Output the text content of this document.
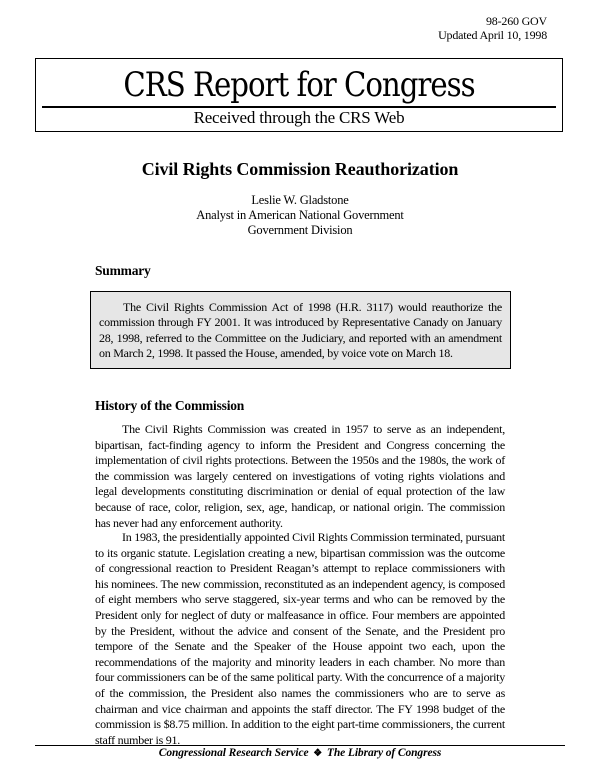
98-260 GOV
Updated April 10, 1998
CRS Report for Congress
Received through the CRS Web
Civil Rights Commission Reauthorization
Leslie W. Gladstone
Analyst in American National Government
Government Division
Summary

The Civil Rights Commission Act of 1998 (H.R. 3117) would reauthorize the commission through FY 2001. It was introduced by Representative Canady on January 28, 1998, referred to the Committee on the Judiciary, and reported with an amendment on March 2, 1998. It passed the House, amended, by voice vote on March 18.

History of the Commission

The Civil Rights Commission was created in 1957 to serve as an independent, bipartisan, fact-finding agency to inform the President and Congress concerning the implementation of civil rights protections. Between the 1950s and the 1980s, the work of the commission was largely centered on investigations of voting rights violations and legal developments constituting discrimination or denial of equal protection of the law because of race, color, religion, sex, age, handicap, or national origin. The commission has never had any enforcement authority.

In 1983, the presidentially appointed Civil Rights Commission terminated, pursuant to its organic statute. Legislation creating a new, bipartisan commission was the outcome of congressional reaction to President Reagan’s attempt to replace commissioners with his nominees. The new commission, reconstituted as an independent agency, is composed of eight members who serve staggered, six-year terms and who can be removed by the President only for neglect of duty or malfeasance in office. Four members are appointed by the President, without the advice and consent of the Senate, and the President pro tempore of the Senate and the Speaker of the House appoint two each, upon the recommendations of the majority and minority leaders in each chamber. No more than four commissioners can be of the same political party. With the concurrence of a majority of the commission, the President also names the commissioners who are to serve as chairman and vice chairman and appoints the staff director. The FY 1998 budget of the commission is $8.75 million. In addition to the eight part-time commissioners, the current staff number is 91.

Congressional Research Service ❖ The Library of Congress
